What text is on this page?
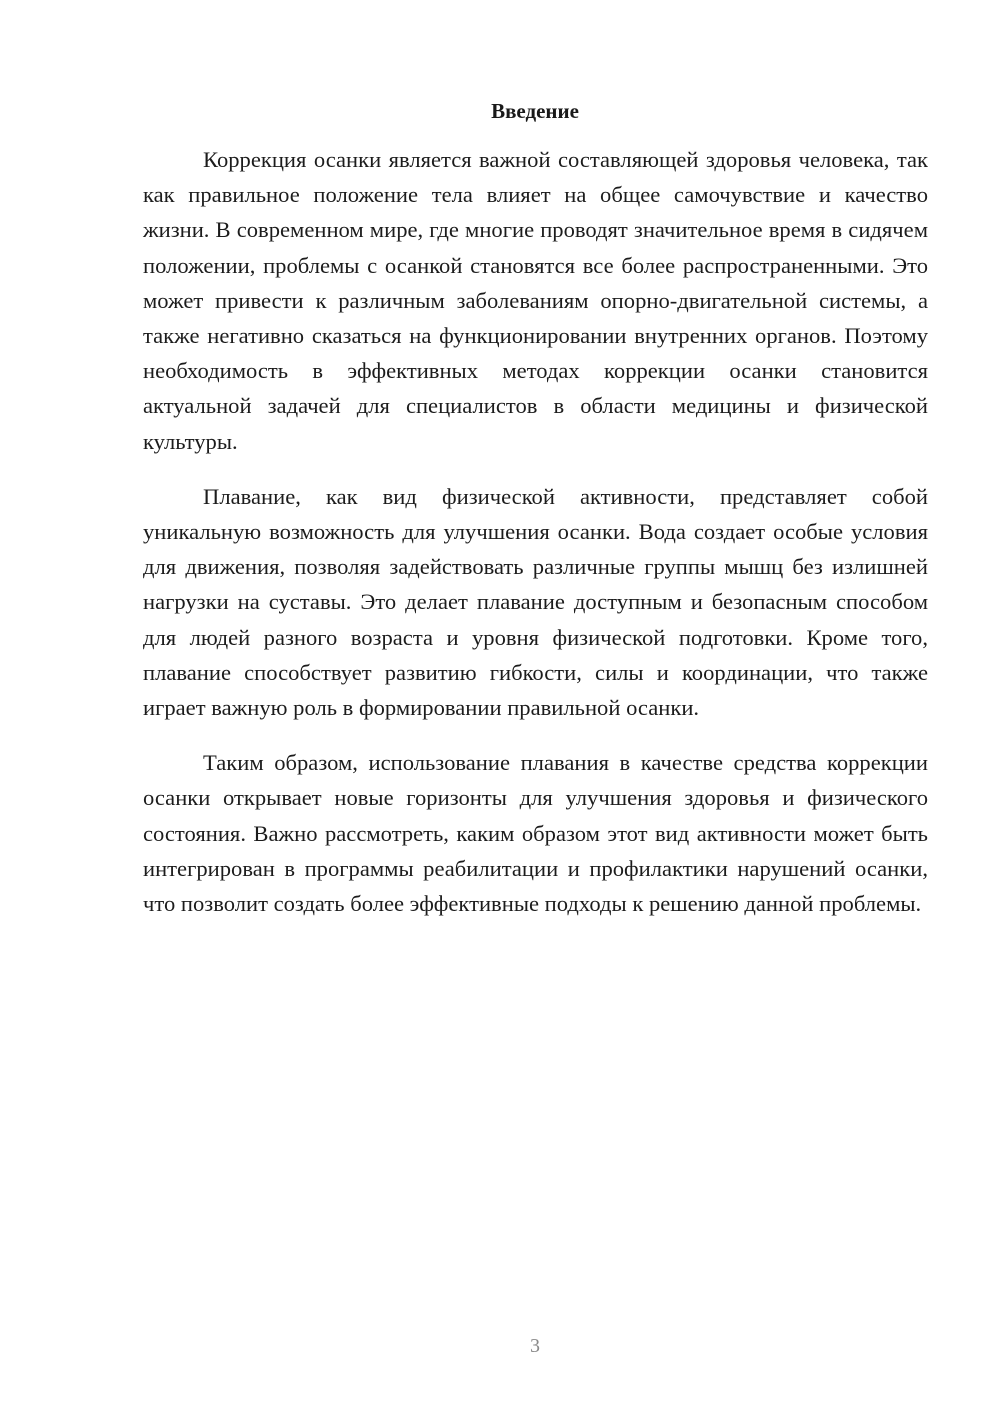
Введение

Коррекция осанки является важной составляющей здоровья человека, так как правильное положение тела влияет на общее самочувствие и качество жизни. В современном мире, где многие проводят значительное время в сидячем положении, проблемы с осанкой становятся все более распространенными. Это может привести к различным заболеваниям опорно-двигательной системы, а также негативно сказаться на функционировании внутренних органов. Поэтому необходимость в эффективных методах коррекции осанки становится актуальной задачей для специалистов в области медицины и физической культуры.

Плавание, как вид физической активности, представляет собой уникальную возможность для улучшения осанки. Вода создает особые условия для движения, позволяя задействовать различные группы мышц без излишней нагрузки на суставы. Это делает плавание доступным и безопасным способом для людей разного возраста и уровня физической подготовки. Кроме того, плавание способствует развитию гибкости, силы и координации, что также играет важную роль в формировании правильной осанки.

Таким образом, использование плавания в качестве средства коррекции осанки открывает новые горизонты для улучшения здоровья и физического состояния. Важно рассмотреть, каким образом этот вид активности может быть интегрирован в программы реабилитации и профилактики нарушений осанки, что позволит создать более эффективные подходы к решению данной проблемы.

3
